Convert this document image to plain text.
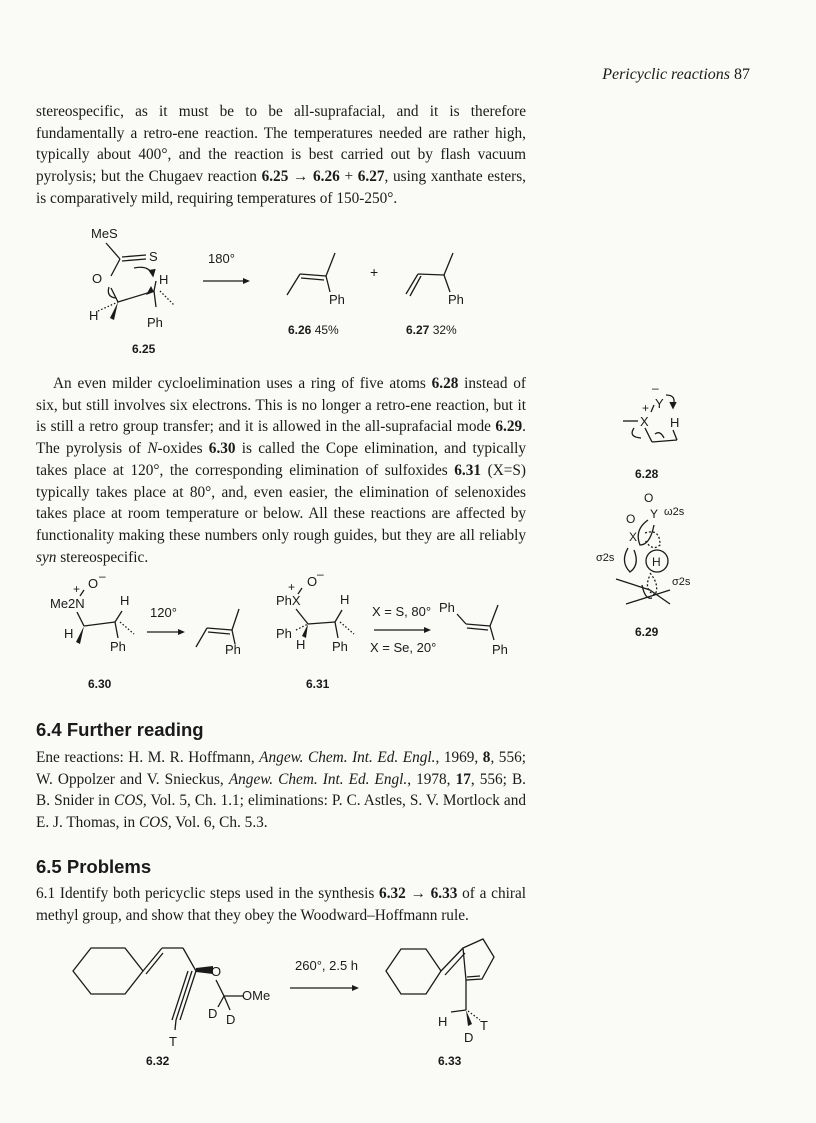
Pericyclic reactions 87

stereospecific, as it must be to be all-suprafacial, and it is therefore fundamentally a retro-ene reaction. The temperatures needed are rather high, typically about 400°, and the reaction is best carried out by flash vacuum pyrolysis; but the Chugaev reaction 6.25 → 6.26 + 6.27, using xanthate esters, is comparatively mild, requiring temperatures of 150-250°.

MeS
S
O	H
H	Ph
180°
Ph
+
Ph
6.25
6.26 45%	6.27 32%

An even milder cycloelimination uses a ring of five atoms 6.28 instead of six, but still involves six electrons. This is no longer a retro-ene reaction, but it is still a retro group transfer; and it is allowed in the all-suprafacial mode 6.29. The pyrolysis of N-oxides 6.30 is called the Cope elimination, and typically takes place at 120°, the corresponding elimination of sulfoxides 6.31 (X=S) typically takes place at 80°, and, even easier, the elimination of selenoxides takes place at room temperature or below. All these reactions are affected by functionality making these numbers only rough guides, but they are all reliably syn stereospecific.

–
+ Y
X H
6.28
O
Y ω2s
O
X
σ2s	H
σ2s
6.29
–
+ O
Me2N	H
H
Ph
120°
Ph
6.30
–
+ O
PhX	H
Ph
H Ph
X = S, 80°
X = Se, 20°
Ph
Ph
6.31
6.4 Further reading

Ene reactions: H. M. R. Hoffmann, Angew. Chem. Int. Ed. Engl., 1969, 8, 556; W. Oppolzer and V. Snieckus, Angew. Chem. Int. Ed. Engl., 1978, 17, 556; B. B. Snider in COS, Vol. 5, Ch. 1.1; eliminations: P. C. Astles, S. V. Mortlock and E. J. Thomas, in COS, Vol. 6, Ch. 5.3.

6.5 Problems

6.1 Identify both pericyclic steps used in the synthesis 6.32 → 6.33 of a chiral methyl group, and show that they obey the Woodward–Hoffmann rule.

O
T
OMe
D D
6.32
260°, 2.5 h
H	T
D
6.33
